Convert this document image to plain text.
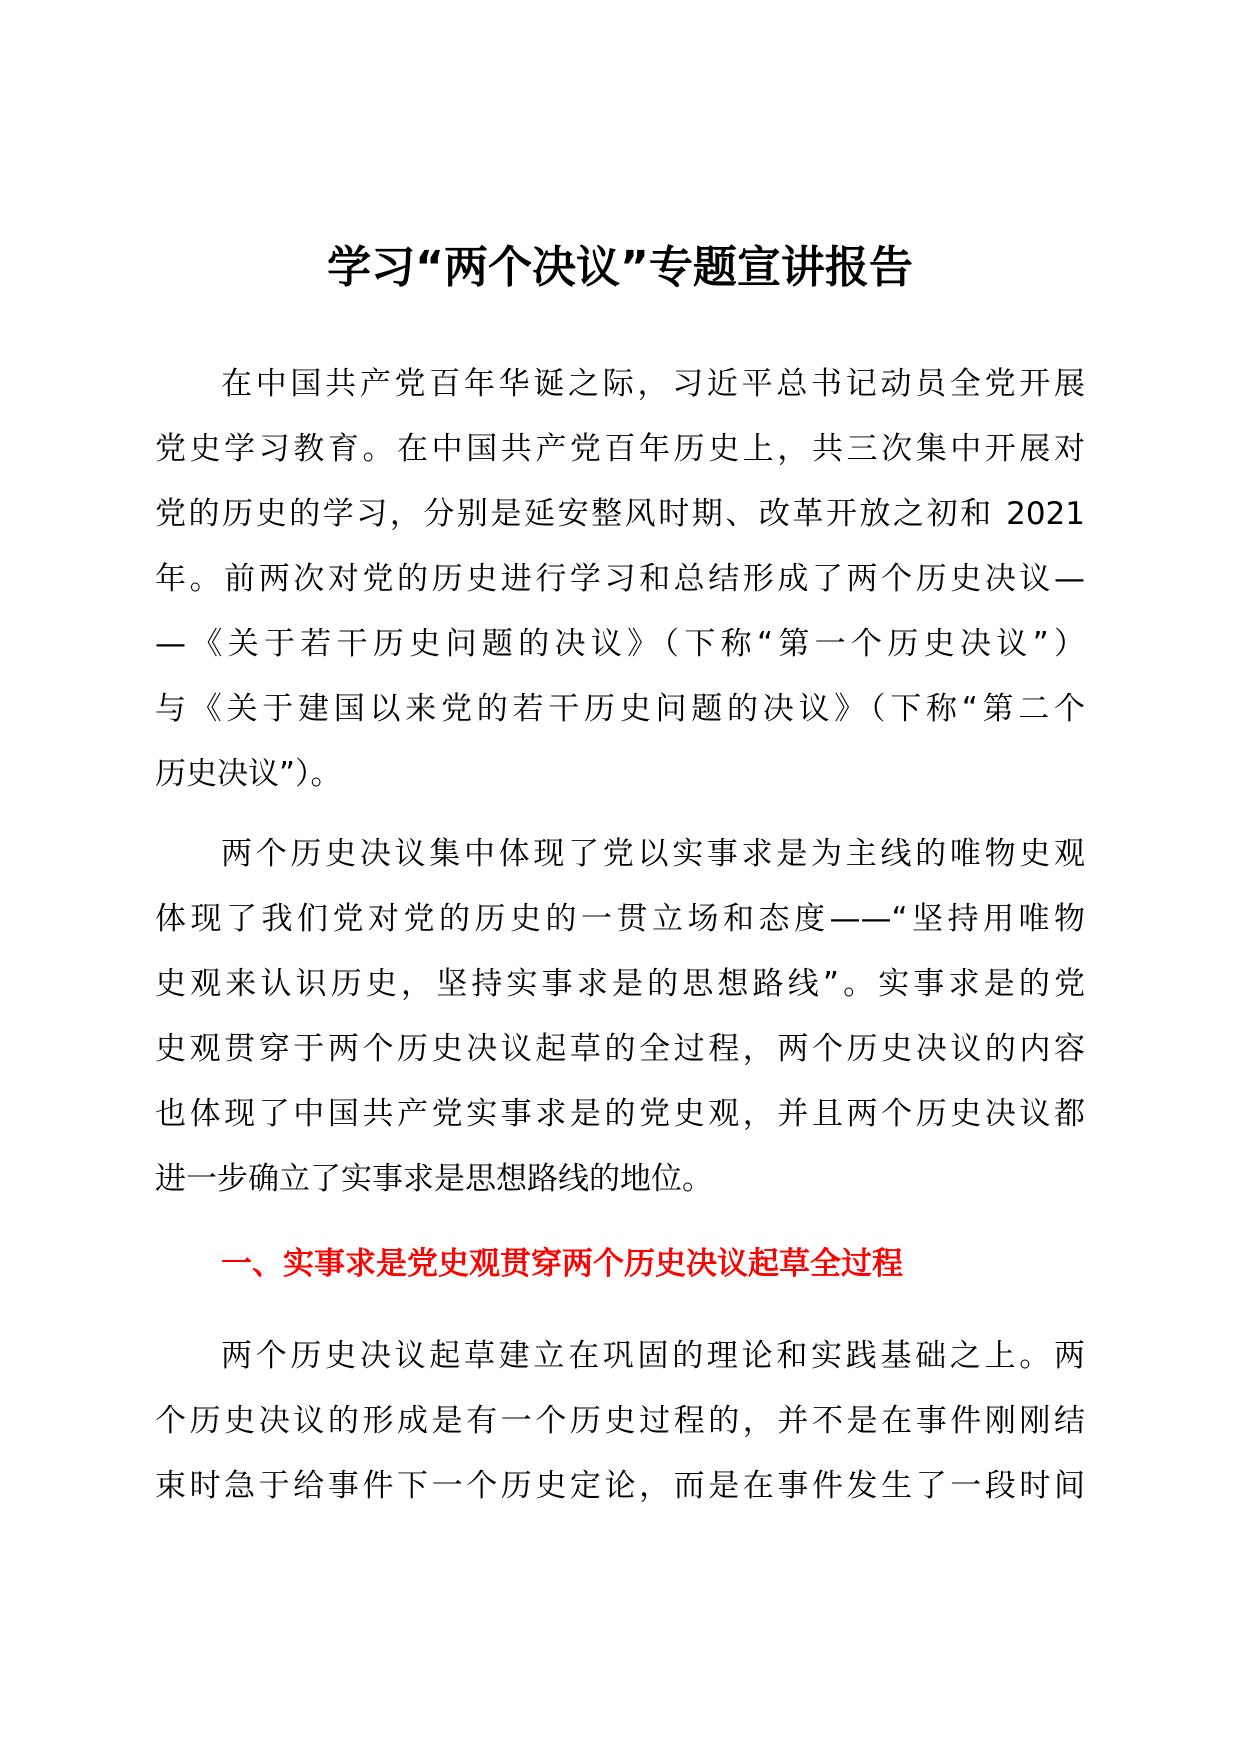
学习“两个决议”专题宣讲报告
在中国共产党百年华诞之际，习近平总书记动员全党开展
党史学习教育。在中国共产党百年历史上，共三次集中开展对
党的历史的学习，分别是延安整风时期、改革开放之初和 2021
年。前两次对党的历史进行学习和总结形成了两个历史决议—
—《关于若干历史问题的决议》（下称“第一个历史决议”）
与《关于建国以来党的若干历史问题的决议》（下称“第二个
历史决议”）。
两个历史决议集中体现了党以实事求是为主线的唯物史观
体现了我们党对党的历史的一贯立场和态度——“坚持用唯物
史观来认识历史，坚持实事求是的思想路线”。实事求是的党
史观贯穿于两个历史决议起草的全过程，两个历史决议的内容
也体现了中国共产党实事求是的党史观，并且两个历史决议都
进一步确立了实事求是思想路线的地位。
一、实事求是党史观贯穿两个历史决议起草全过程
两个历史决议起草建立在巩固的理论和实践基础之上。两
个历史决议的形成是有一个历史过程的，并不是在事件刚刚结
束时急于给事件下一个历史定论，而是在事件发生了一段时间
